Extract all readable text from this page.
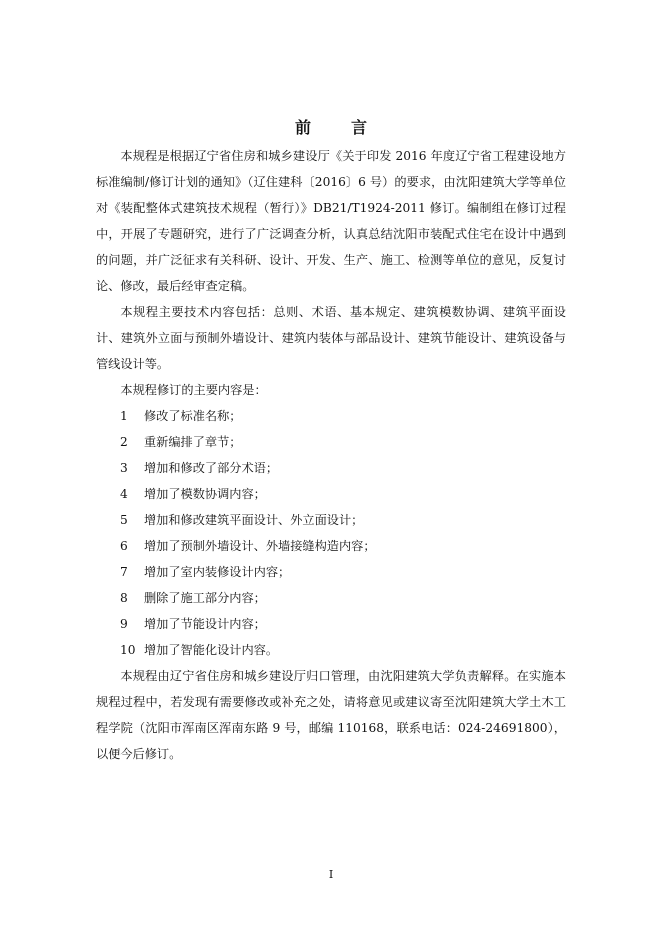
前	言

本规程是根据辽宁省住房和城乡建设厅《关于印发 2016 年度辽宁省工程建设地方标准编制/修订计划的通知》（辽住建科〔2016〕6 号）的要求，由沈阳建筑大学等单位对《装配整体式建筑技术规程（暂行）》DB21/T1924-2011 修订。编制组在修订过程中，开展了专题研究，进行了广泛调查分析，认真总结沈阳市装配式住宅在设计中遇到的问题，并广泛征求有关科研、设计、开发、生产、施工、检测等单位的意见，反复讨论、修改，最后经审查定稿。

本规程主要技术内容包括：总则、术语、基本规定、建筑模数协调、建筑平面设计、建筑外立面与预制外墙设计、建筑内装体与部品设计、建筑节能设计、建筑设备与管线设计等。

本规程修订的主要内容是：

1 修改了标准名称；
2 重新编排了章节；
3 增加和修改了部分术语；
4 增加了模数协调内容；
5 增加和修改建筑平面设计、外立面设计；
6 增加了预制外墙设计、外墙接缝构造内容；
7 增加了室内装修设计内容；
8 删除了施工部分内容；
9 增加了节能设计内容；
10 增加了智能化设计内容。

本规程由辽宁省住房和城乡建设厅归口管理，由沈阳建筑大学负责解释。在实施本规程过程中，若发现有需要修改或补充之处，请将意见或建议寄至沈阳建筑大学土木工程学院（沈阳市浑南区浑南东路 9 号，邮编 110168，联系电话：024-24691800），以便今后修订。

I
